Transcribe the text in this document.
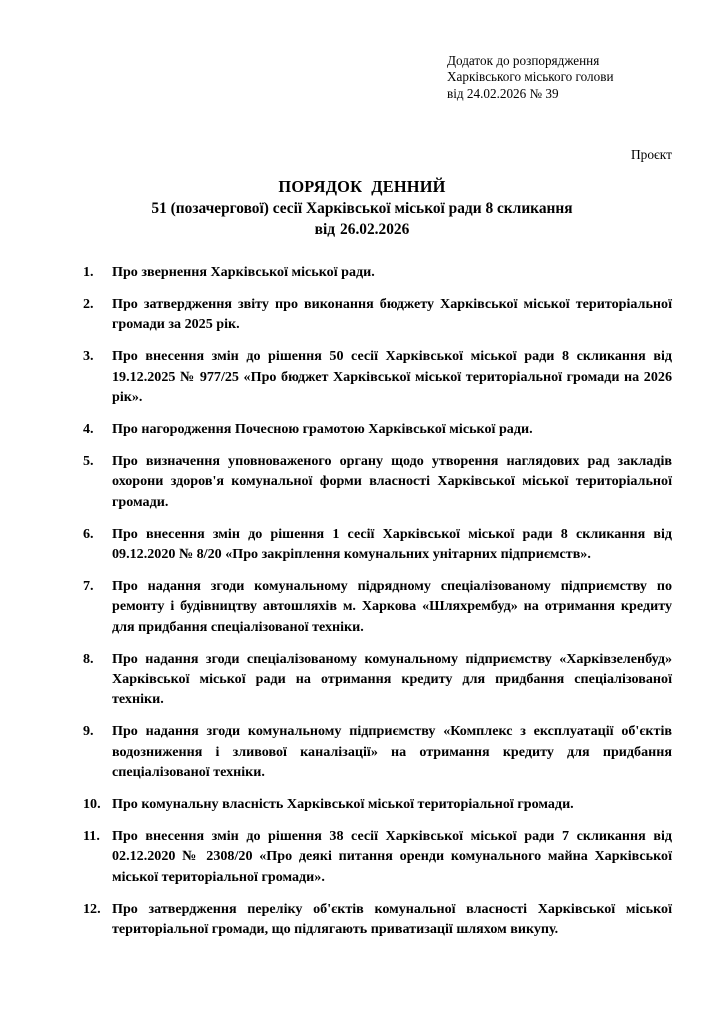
Додаток до розпорядження
Харківського міського голови
від 24.02.2026 № 39
Проєкт
ПОРЯДОК ДЕННИЙ
51 (позачергової) сесії Харківської міської ради 8 скликання
від 26.02.2026
1.	Про звернення Харківської міської ради.
2.	Про затвердження звіту про виконання бюджету Харківської міської територіальної громади за 2025 рік.
3.	Про внесення змін до рішення 50 сесії Харківської міської ради 8 скликання від 19.12.2025 № 977/25 «Про бюджет Харківської міської територіальної громади на 2026 рік».
4.	Про нагородження Почесною грамотою Харківської міської ради.
5.	Про визначення уповноваженого органу щодо утворення наглядових рад закладів охорони здоров'я комунальної форми власності Харківської міської територіальної громади.
6.	Про внесення змін до рішення 1 сесії Харківської міської ради 8 скликання від 09.12.2020 № 8/20 «Про закріплення комунальних унітарних підприємств».
7.	Про надання згоди комунальному підрядному спеціалізованому підприємству по ремонту і будівництву автошляхів м. Харкова «Шляхрембуд» на отримання кредиту для придбання спеціалізованої техніки.
8.	Про надання згоди спеціалізованому комунальному підприємству «Харківзеленбуд» Харківської міської ради на отримання кредиту для придбання спеціалізованої техніки.
9.	Про надання згоди комунальному підприємству «Комплекс з експлуатації об'єктів водозниження і зливової каналізації» на отримання кредиту для придбання спеціалізованої техніки.
10. Про комунальну власність Харківської міської територіальної громади.
11. Про внесення змін до рішення 38 сесії Харківської міської ради 7 скликання від 02.12.2020 № 2308/20 «Про деякі питання оренди комунального майна Харківської міської територіальної громади».
12. Про затвердження переліку об'єктів комунальної власності Харківської міської територіальної громади, що підлягають приватизації шляхом викупу.
